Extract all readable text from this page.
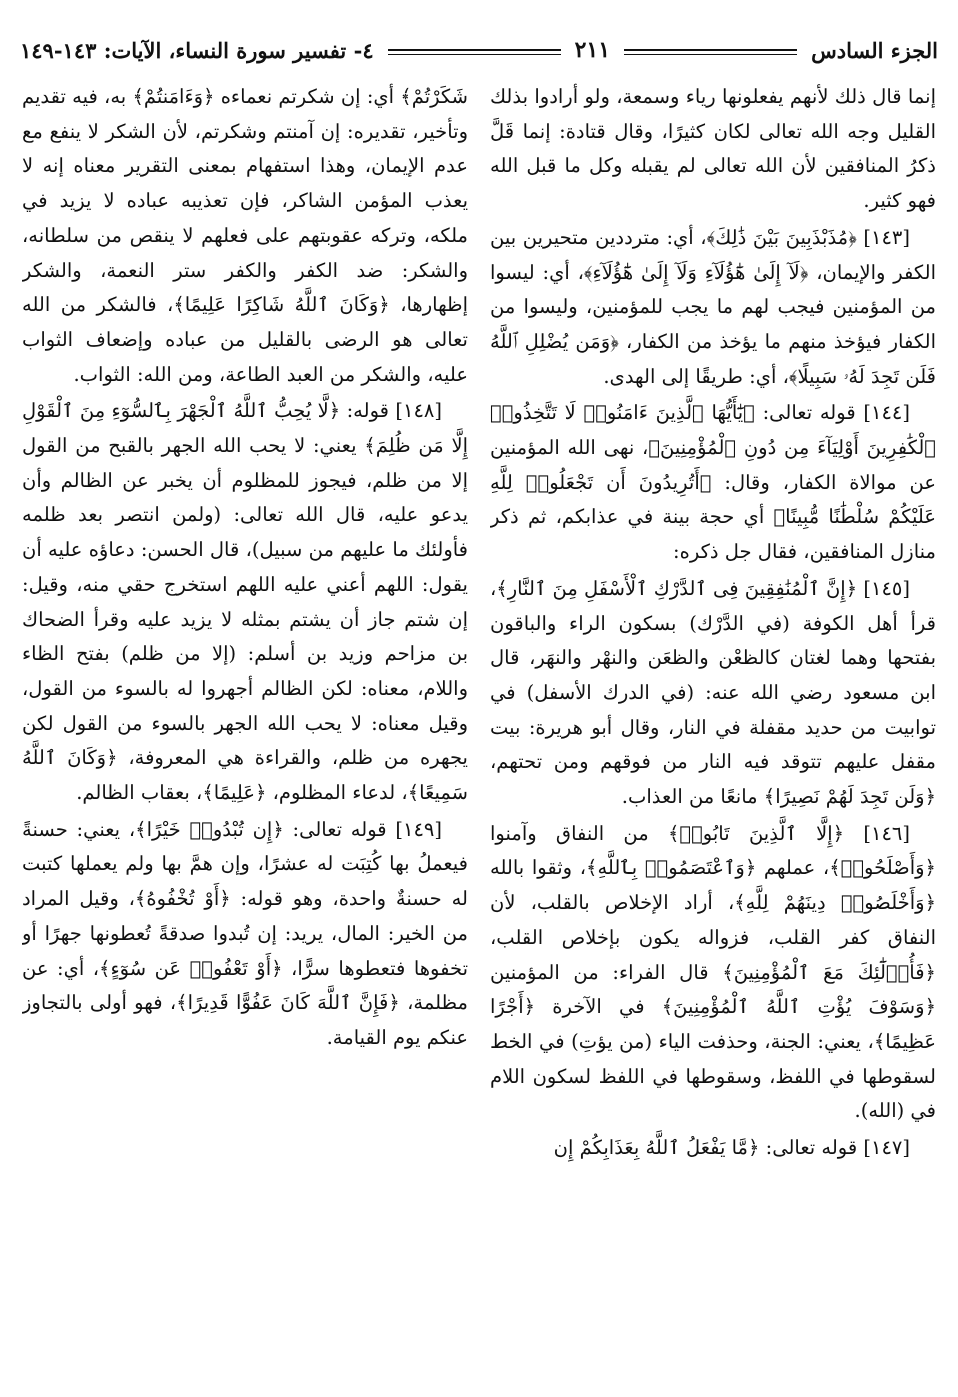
الجزء السادس
٢١١
٤- تفسير سورة النساء، الآيات: ١٤٣-١٤٩

إنما قال ذلك لأنهم يفعلونها رياء وسمعة، ولو أرادوا بذلك القليل وجه الله تعالى لكان كثيرًا، وقال قتادة: إنما قَلَّ ذكرُ المنافقين لأن الله تعالى لم يقبله وكل ما قبل الله فهو كثير.

[١٤٣] ﴿مُذَبْذَبِينَ بَيْنَ ذَٰلِكَ﴾، أي: مترددين متحيرين بين الكفر والإيمان، ﴿لَآ إِلَىٰ هَٰٓؤُلَآءِ وَلَآ إِلَىٰ هَٰٓؤُلَآءِ﴾، أي: ليسوا من المؤمنين فيجب لهم ما يجب للمؤمنين، وليسوا من الكفار فيؤخذ منهم ما يؤخذ من الكفار، ﴿وَمَن يُضْلِلِ ٱللَّهُ فَلَن تَجِدَ لَهُۥ سَبِيلًا﴾، أي: طريقًا إلى الهدى.

[١٤٤] قوله تعالى: ﴿يَٰٓأَيُّهَا ٱلَّذِينَ ءَامَنُوا۟ لَا تَتَّخِذُوا۟ ٱلْكَٰفِرِينَ أَوْلِيَآءَ مِن دُونِ ٱلْمُؤْمِنِينَ﴾، نهى الله المؤمنين عن موالاة الكفار، وقال: ﴿أَتُرِيدُونَ أَن تَجْعَلُوا۟ لِلَّهِ عَلَيْكُمْ سُلْطَٰنًا مُّبِينًا﴾ أي حجة بينة في عذابكم، ثم ذكر منازل المنافقين، فقال جل ذكره:

[١٤٥] ﴿إِنَّ ٱلْمُنَٰفِقِينَ فِى ٱلدَّرْكِ ٱلْأَسْفَلِ مِنَ ٱلنَّارِ﴾، قرأ أهل الكوفة (في الدَّرْك) بسكون الراء والباقون بفتحها وهما لغتان كالظعْن والظعَن والنهْر والنهَر، قال ابن مسعود رضي الله عنه: (في الدرك الأسفل) في توابيت من حديد مقفلة في النار، وقال أبو هريرة: بيت مقفل عليهم تتوقد فيه النار من فوقهم ومن تحتهم، ﴿وَلَن تَجِدَ لَهُمْ نَصِيرًا﴾ مانعًا من العذاب.

[١٤٦] ﴿إِلَّا ٱلَّذِينَ تَابُوا۟﴾ من النفاق وآمنوا ﴿وَأَصْلَحُوا۟﴾، عملهم ﴿وَٱعْتَصَمُوا۟ بِٱللَّهِ﴾، وثقوا بالله ﴿وَأَخْلَصُوا۟ دِينَهُمْ لِلَّهِ﴾، أراد الإخلاص بالقلب، لأن النفاق كفر القلب، فزواله يكون بإخلاص القلب، ﴿فَأُو۟لَٰٓئِكَ مَعَ ٱلْمُؤْمِنِينَ﴾ قال الفراء: من المؤمنين ﴿وَسَوْفَ يُؤْتِ ٱللَّهُ ٱلْمُؤْمِنِينَ﴾ في الآخرة ﴿أَجْرًا عَظِيمًا﴾، يعني: الجنة، وحذفت الياء (من يؤتِ) في الخط لسقوطها في اللفظ، وسقوطها في اللفظ لسكون اللام في (الله).

[١٤٧] قوله تعالى: ﴿مَّا يَفْعَلُ ٱللَّهُ بِعَذَابِكُمْ إِن

شَكَرْتُمْ﴾ أي: إن شكرتم نعماءه ﴿وَءَامَنتُمْ﴾ به، فيه تقديم وتأخير، تقديره: إن آمنتم وشكرتم، لأن الشكر لا ينفع مع عدم الإيمان، وهذا استفهام بمعنى التقرير معناه إنه لا يعذب المؤمن الشاكر، فإن تعذيبه عباده لا يزيد في ملكه، وتركه عقوبتهم على فعلهم لا ينقص من سلطانه، والشكر: ضد الكفر والكفر ستر النعمة، والشكر إظهارها، ﴿وَكَانَ ٱللَّهُ شَاكِرًا عَلِيمًا﴾، فالشكر من الله تعالى هو الرضى بالقليل من عباده وإضعاف الثواب عليه، والشكر من العبد الطاعة، ومن الله: الثواب.

[١٤٨] قوله: ﴿لَّا يُحِبُّ ٱللَّهُ ٱلْجَهْرَ بِٱلسُّوٓءِ مِنَ ٱلْقَوْلِ إِلَّا مَن ظُلِمَ﴾ يعني: لا يحب الله الجهر بالقبح من القول إلا من ظلم، فيجوز للمظلوم أن يخبر عن الظالم وأن يدعو عليه، قال الله تعالى: (ولمن انتصر بعد ظلمه فأولئك ما عليهم من سبيل)، قال الحسن: دعاؤه عليه أن يقول: اللهم أعني عليه اللهم استخرج حقي منه، وقيل: إن شتم جاز أن يشتم بمثله لا يزيد عليه وقرأ الضحاك بن مزاحم وزيد بن أسلم: (إلا من ظلم) بفتح الظاء واللام، معناه: لكن الظالم أجهروا له بالسوء من القول، وقيل معناه: لا يحب الله الجهر بالسوء من القول لكن يجهره من ظلم، والقراءة هي المعروفة، ﴿وَكَانَ ٱللَّهُ سَمِيعًا﴾، لدعاء المظلوم، ﴿عَلِيمًا﴾، بعقاب الظالم.

[١٤٩] قوله تعالى: ﴿إِن تُبْدُوا۟ خَيْرًا﴾، يعني: حسنةً فيعملُ بها كُتِبَت له عشرًا، وإن همَّ بها ولم يعملها كتبت له حسنةٌ واحدة، وهو قوله: ﴿أَوْ تُخْفُوهُ﴾، وقيل المراد من الخير: المال، يريد: إن تُبدوا صدقةً تُعطونها جهرًا أو تخفوها فتعطوها سرًّا، ﴿أَوْ تَعْفُوا۟ عَن سُوٓءٍ﴾، أي: عن مظلمة، ﴿فَإِنَّ ٱللَّهَ كَانَ عَفُوًّا قَدِيرًا﴾، فهو أولى بالتجاوز عنكم يوم القيامة.
